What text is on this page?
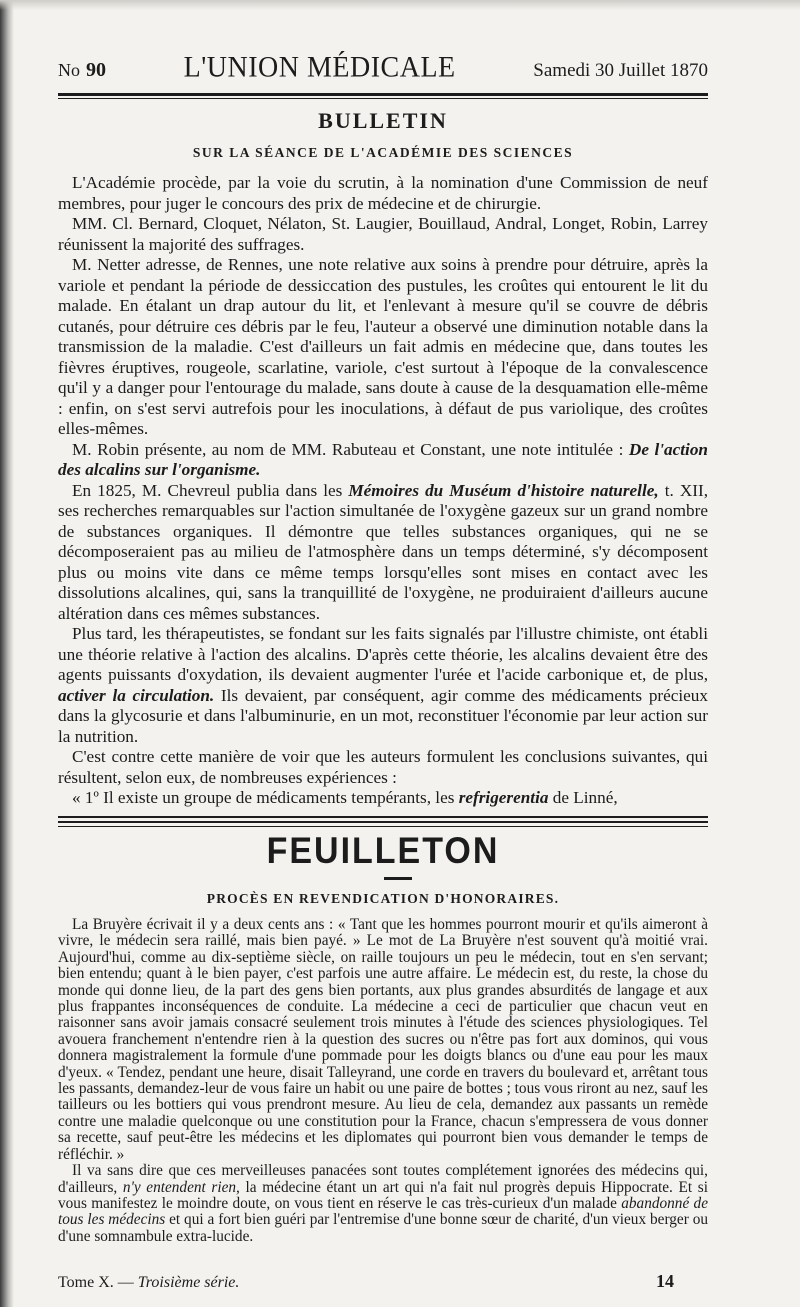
No 90	L'UNION MÉDICALE	Samedi 30 Juillet 1870
BULLETIN
SUR LA SÉANCE DE L'ACADÉMIE DES SCIENCES

L'Académie procède, par la voie du scrutin, à la nomination d'une Commission de neuf membres, pour juger le concours des prix de médecine et de chirurgie.

MM. Cl. Bernard, Cloquet, Nélaton, St. Laugier, Bouillaud, Andral, Longet, Robin, Larrey réunissent la majorité des suffrages.

M. Netter adresse, de Rennes, une note relative aux soins à prendre pour détruire, après la variole et pendant la période de dessiccation des pustules, les croûtes qui entourent le lit du malade. En étalant un drap autour du lit, et l'enlevant à mesure qu'il se couvre de débris cutanés, pour détruire ces débris par le feu, l'auteur a observé une diminution notable dans la transmission de la maladie. C'est d'ailleurs un fait admis en médecine que, dans toutes les fièvres éruptives, rougeole, scarlatine, variole, c'est surtout à l'époque de la convalescence qu'il y a danger pour l'entourage du malade, sans doute à cause de la desquamation elle-même : enfin, on s'est servi autrefois pour les inoculations, à défaut de pus variolique, des croûtes elles-mêmes.

M. Robin présente, au nom de MM. Rabuteau et Constant, une note intitulée : De l'action des alcalins sur l'organisme.

En 1825, M. Chevreul publia dans les Mémoires du Muséum d'histoire naturelle, t. XII, ses recherches remarquables sur l'action simultanée de l'oxygène gazeux sur un grand nombre de substances organiques. Il démontre que telles substances organiques, qui ne se décomposeraient pas au milieu de l'atmosphère dans un temps déterminé, s'y décomposent plus ou moins vite dans ce même temps lorsqu'elles sont mises en contact avec les dissolutions alcalines, qui, sans la tranquillité de l'oxygène, ne produiraient d'ailleurs aucune altération dans ces mêmes substances.

Plus tard, les thérapeutistes, se fondant sur les faits signalés par l'illustre chimiste, ont établi une théorie relative à l'action des alcalins. D'après cette théorie, les alcalins devaient être des agents puissants d'oxydation, ils devaient augmenter l'urée et l'acide carbonique et, de plus, activer la circulation. Ils devaient, par conséquent, agir comme des médicaments précieux dans la glycosurie et dans l'albuminurie, en un mot, reconstituer l'économie par leur action sur la nutrition.

C'est contre cette manière de voir que les auteurs formulent les conclusions suivantes, qui résultent, selon eux, de nombreuses expériences :

« 1º Il existe un groupe de médicaments tempérants, les refrigerentia de Linné,

FEUILLETON
PROCÈS EN REVENDICATION D'HONORAIRES.

La Bruyère écrivait il y a deux cents ans : « Tant que les hommes pourront mourir et qu'ils aimeront à vivre, le médecin sera raillé, mais bien payé. » Le mot de La Bruyère n'est souvent qu'à moitié vrai. Aujourd'hui, comme au dix-septième siècle, on raille toujours un peu le médecin, tout en s'en servant; bien entendu; quant à le bien payer, c'est parfois une autre affaire. Le médecin est, du reste, la chose du monde qui donne lieu, de la part des gens bien portants, aux plus grandes absurdités de langage et aux plus frappantes inconséquences de conduite. La médecine a ceci de particulier que chacun veut en raisonner sans avoir jamais consacré seulement trois minutes à l'étude des sciences physiologiques. Tel avouera franchement n'entendre rien à la question des sucres ou n'être pas fort aux dominos, qui vous donnera magistralement la formule d'une pommade pour les doigts blancs ou d'une eau pour les maux d'yeux. « Tendez, pendant une heure, disait Talleyrand, une corde en travers du boulevard et, arrêtant tous les passants, demandez-leur de vous faire un habit ou une paire de bottes ; tous vous riront au nez, sauf les tailleurs ou les bottiers qui vous prendront mesure. Au lieu de cela, demandez aux passants un remède contre une maladie quelconque ou une constitution pour la France, chacun s'empressera de vous donner sa recette, sauf peut-être les médecins et les diplomates qui pourront bien vous demander le temps de réfléchir. »

Il va sans dire que ces merveilleuses panacées sont toutes complétement ignorées des médecins qui, d'ailleurs, n'y entendent rien, la médecine étant un art qui n'a fait nul progrès depuis Hippocrate. Et si vous manifestez le moindre doute, on vous tient en réserve le cas très-curieux d'un malade abandonné de tous les médecins et qui a fort bien guéri par l'entremise d'une bonne sœur de charité, d'un vieux berger ou d'une somnambule extra-lucide.

Tome X. — Troisième série.	14
